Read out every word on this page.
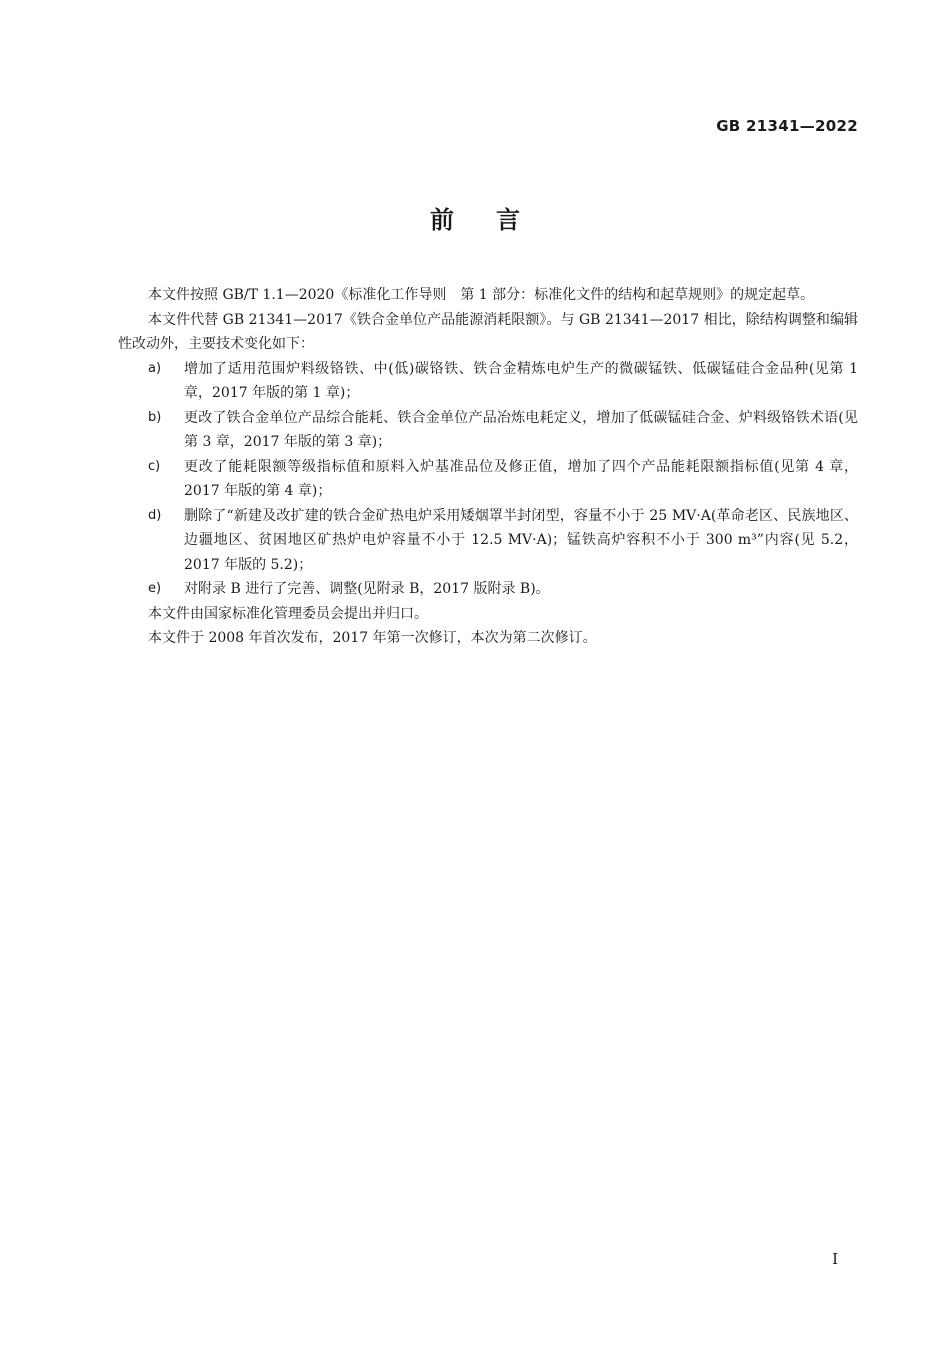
GB 21341—2022
前言

本文件按照 GB/T 1.1—2020《标准化工作导则　第 1 部分：标准化文件的结构和起草规则》的规定起草。

本文件代替 GB 21341—2017《铁合金单位产品能源消耗限额》。与 GB 21341—2017 相比，除结构调整和编辑性改动外，主要技术变化如下：

a)	增加了适用范围炉料级铬铁、中(低)碳铬铁、铁合金精炼电炉生产的微碳锰铁、低碳锰硅合金品种(见第 1 章，2017 年版的第 1 章)；
b)	更改了铁合金单位产品综合能耗、铁合金单位产品冶炼电耗定义，增加了低碳锰硅合金、炉料级铬铁术语(见第 3 章，2017 年版的第 3 章)；
c)	更改了能耗限额等级指标值和原料入炉基准品位及修正值，增加了四个产品能耗限额指标值(见第 4 章，2017 年版的第 4 章)；
d)	删除了“新建及改扩建的铁合金矿热电炉采用矮烟罩半封闭型，容量不小于 25 MV·A(革命老区、民族地区、边疆地区、贫困地区矿热炉电炉容量不小于 12.5 MV·A)；锰铁高炉容积不小于 300 m³”内容(见 5.2，2017 年版的 5.2)；
e)	对附录 B 进行了完善、调整(见附录 B，2017 版附录 B)。

本文件由国家标准化管理委员会提出并归口。

本文件于 2008 年首次发布，2017 年第一次修订，本次为第二次修订。

I
